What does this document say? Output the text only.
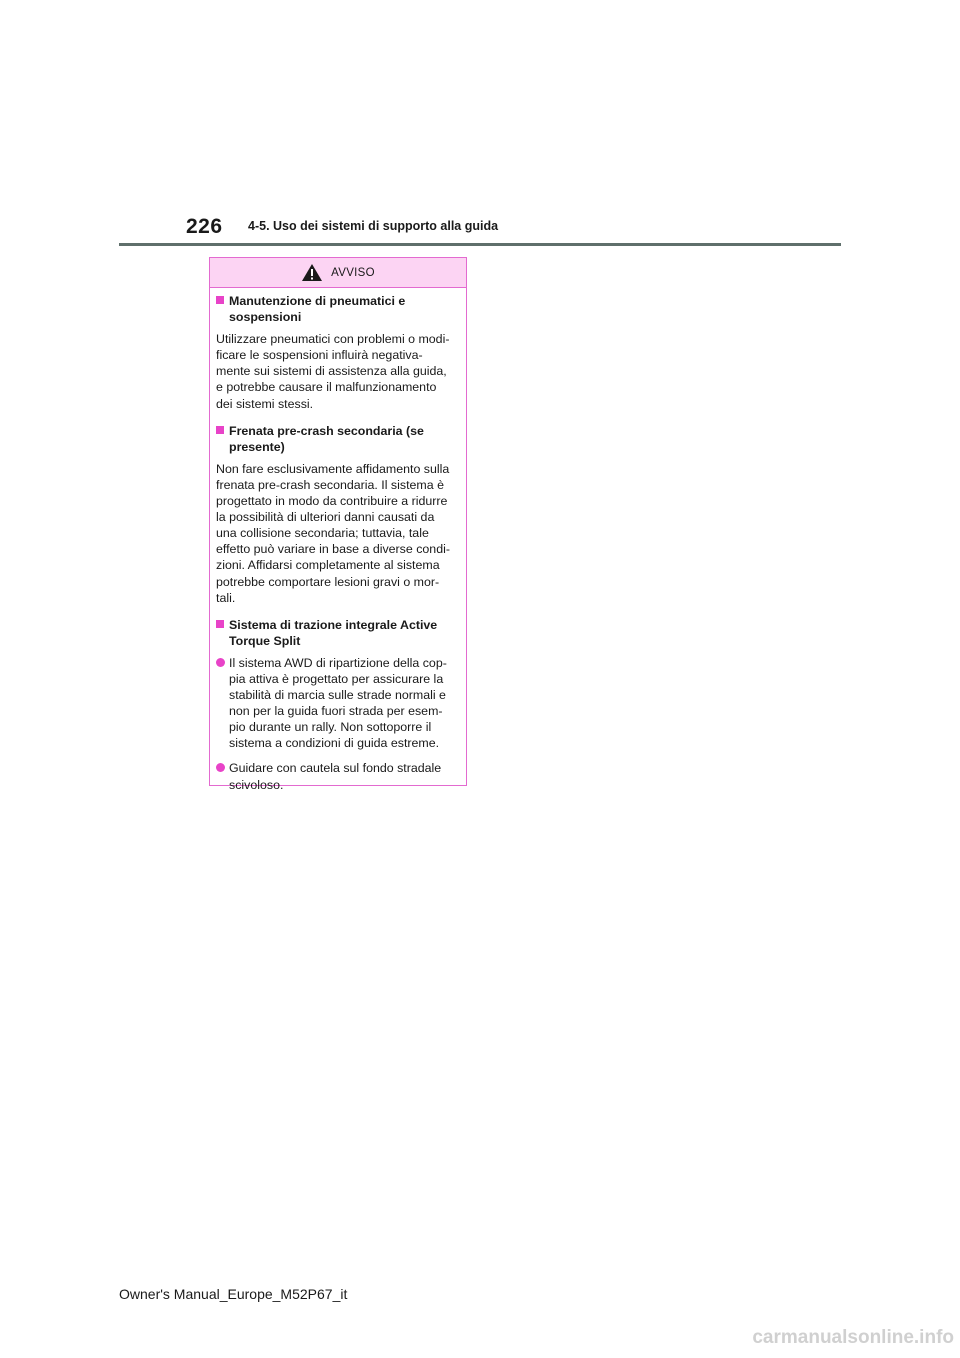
226 4-5. Uso dei sistemi di supporto alla guida
AVVISO
Manutenzione di pneumatici e
sospensioni
Utilizzare pneumatici con problemi o modi-
ficare le sospensioni influirà negativa-
mente sui sistemi di assistenza alla guida,
e potrebbe causare il malfunzionamento
dei sistemi stessi.
Frenata pre-crash secondaria (se
presente)
Non fare esclusivamente affidamento sulla
frenata pre-crash secondaria. Il sistema è
progettato in modo da contribuire a ridurre
la possibilità di ulteriori danni causati da
una collisione secondaria; tuttavia, tale
effetto può variare in base a diverse condi-
zioni. Affidarsi completamente al sistema
potrebbe comportare lesioni gravi o mor-
tali.
Sistema di trazione integrale Active
Torque Split
Il sistema AWD di ripartizione della cop-
pia attiva è progettato per assicurare la
stabilità di marcia sulle strade normali e
non per la guida fuori strada per esem-
pio durante un rally. Non sottoporre il
sistema a condizioni di guida estreme.
Guidare con cautela sul fondo stradale
scivoloso.
Owner's Manual_Europe_M52P67_it
carmanualsonline.info
